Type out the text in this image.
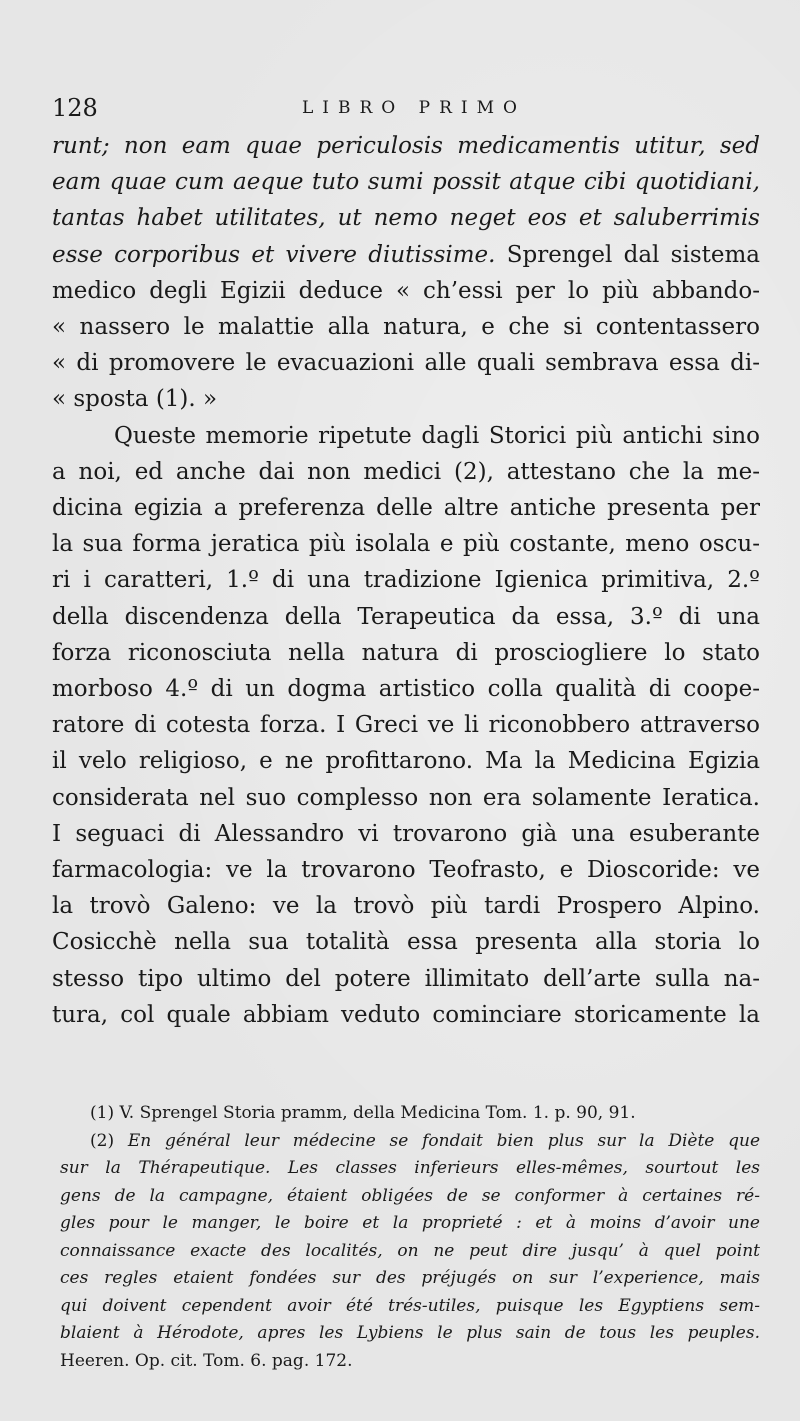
128	LIBRO PRIMO
runt; non eam quae periculosis medicamentis utitur, sed
eam quae cum aeque tuto sumi possit atque cibi quotidiani,
tantas habet utilitates, ut nemo neget eos et saluberrimis
esse corporibus et vivere diutissime. Sprengel dal sistema
medico degli Egizii deduce « ch’essi per lo più abbando-
« nassero le malattie alla natura, e che si contentassero
« di promovere le evacuazioni alle quali sembrava essa di-
« sposta (1). »
Queste memorie ripetute dagli Storici più antichi sino
a noi, ed anche dai non medici (2), attestano che la me-
dicina egizia a preferenza delle altre antiche presenta per
la sua forma jeratica più isolala e più costante, meno oscu-
ri i caratteri, 1.º di una tradizione Igienica primitiva, 2.º
della discendenza della Terapeutica da essa, 3.º di una
forza riconosciuta nella natura di prosciogliere lo stato
morboso 4.º di un dogma artistico colla qualità di coope-
ratore di cotesta forza. I Greci ve li riconobbero attraverso
il velo religioso, e ne profittarono. Ma la Medicina Egizia
considerata nel suo complesso non era solamente Ieratica.
I seguaci di Alessandro vi trovarono già una esuberante
farmacologia: ve la trovarono Teofrasto, e Dioscoride: ve
la trovò Galeno: ve la trovò più tardi Prospero Alpino.
Cosicchè nella sua totalità essa presenta alla storia lo
stesso tipo ultimo del potere illimitato dell’arte sulla na-
tura, col quale abbiam veduto cominciare storicamente la
(1) V. Sprengel Storia pramm, della Medicina Tom. 1. p. 90, 91.
(2) En général leur médecine se fondait bien plus sur la Diète que
sur la Thérapeutique. Les classes inferieurs elles-mêmes, sourtout les
gens de la campagne, étaient obligées de se conformer à certaines ré-
gles pour le manger, le boire et la proprieté : et à moins d’avoir une
connaissance exacte des localités, on ne peut dire jusqu’ à quel point
ces regles etaient fondées sur des préjugés on sur l’experience, mais
qui doivent cependent avoir été trés-utiles, puisque les Egyptiens sem-
blaient à Hérodote, apres les Lybiens le plus sain de tous les peuples.
Heeren. Op. cit. Tom. 6. pag. 172.
